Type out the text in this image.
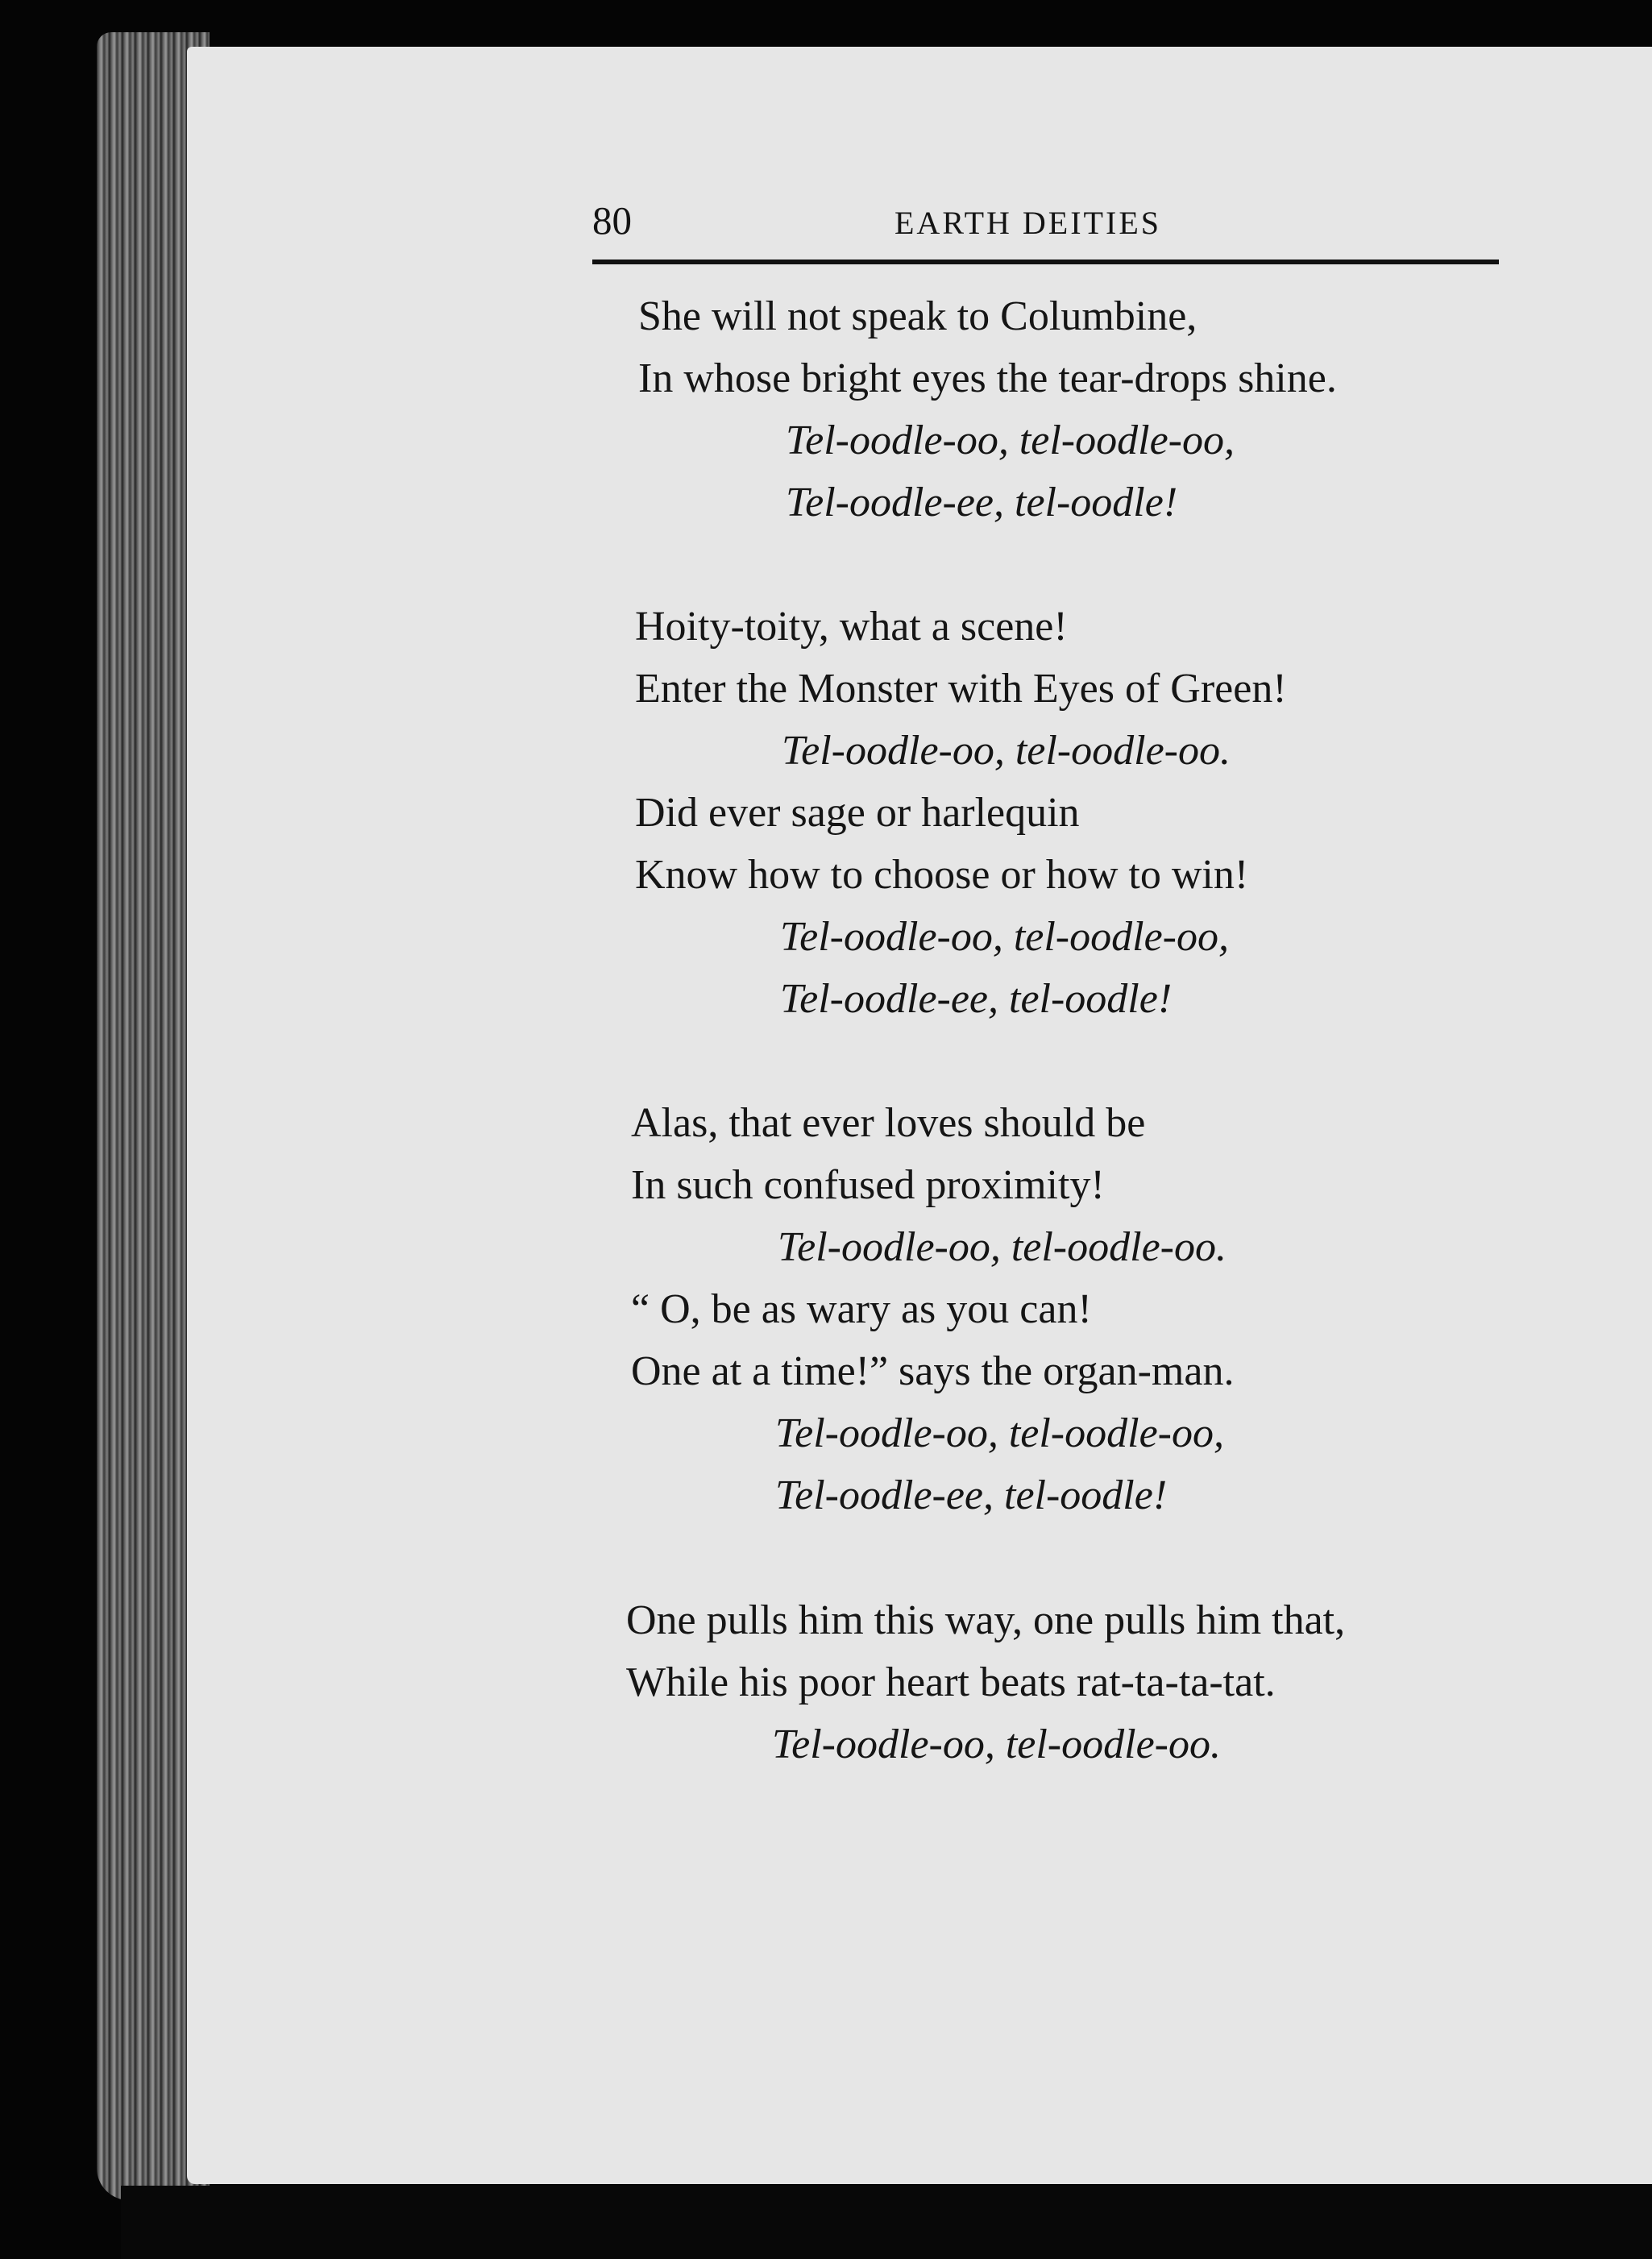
80	EARTH DEITIES

She will not speak to Columbine,

In whose bright eyes the tear-drops shine.

Tel-oodle-oo, tel-oodle-oo,

Tel-oodle-ee, tel-oodle!

Hoity-toity, what a scene!

Enter the Monster with Eyes of Green!

Tel-oodle-oo, tel-oodle-oo.

Did ever sage or harlequin

Know how to choose or how to win!

Tel-oodle-oo, tel-oodle-oo,

Tel-oodle-ee, tel-oodle!

Alas, that ever loves should be

In such confused proximity!

Tel-oodle-oo, tel-oodle-oo.

“ O, be as wary as you can!

One at a time!” says the organ-man.

Tel-oodle-oo, tel-oodle-oo,

Tel-oodle-ee, tel-oodle!

One pulls him this way, one pulls him that,

While his poor heart beats rat-ta-ta-tat.

Tel-oodle-oo, tel-oodle-oo.
